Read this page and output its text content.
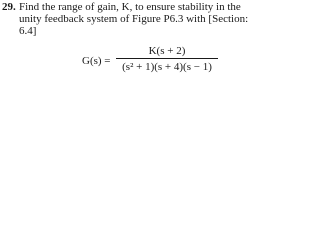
29. Find the range of gain, K, to ensure stability in the
unity feedback system of Figure P6.3 with [Section:
6.4]
G(s) =
K(s + 2)
(s² + 1)(s + 4)(s − 1)
